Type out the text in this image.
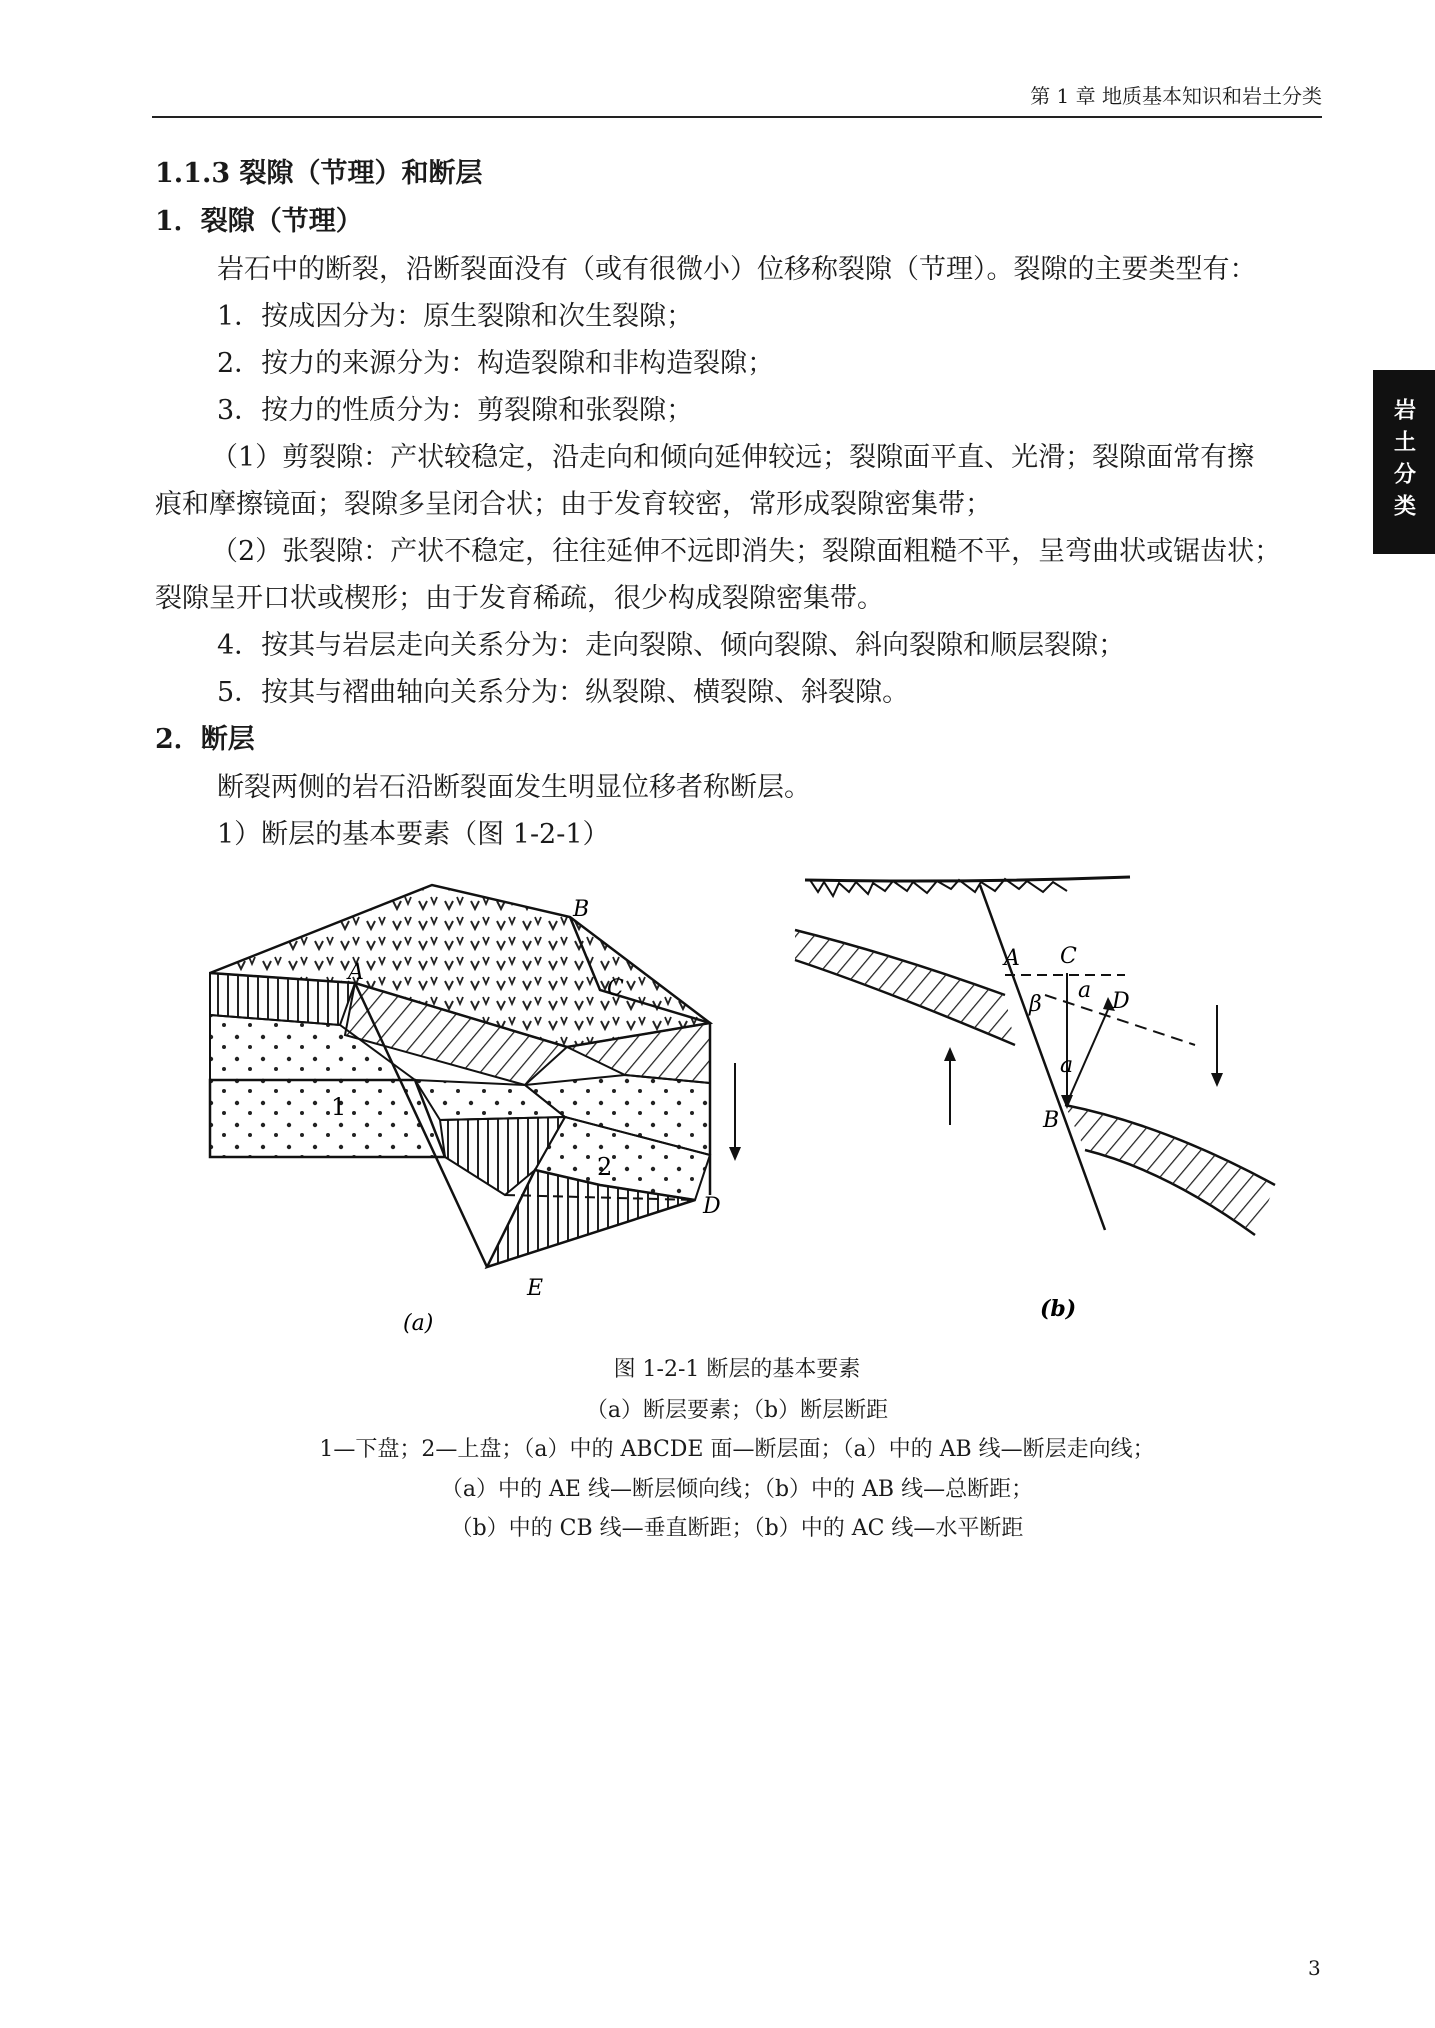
第 1 章 地质基本知识和岩土分类
岩土分类
1.1.3 裂隙（节理）和断层
1．裂隙（节理）
岩石中的断裂，沿断裂面没有（或有很微小）位移称裂隙（节理）。裂隙的主要类型有：
1．按成因分为：原生裂隙和次生裂隙；
2．按力的来源分为：构造裂隙和非构造裂隙；
3．按力的性质分为：剪裂隙和张裂隙；
（1）剪裂隙：产状较稳定，沿走向和倾向延伸较远；裂隙面平直、光滑；裂隙面常有擦
痕和摩擦镜面；裂隙多呈闭合状；由于发育较密，常形成裂隙密集带；
（2）张裂隙：产状不稳定，往往延伸不远即消失；裂隙面粗糙不平，呈弯曲状或锯齿状；
裂隙呈开口状或楔形；由于发育稀疏，很少构成裂隙密集带。
4．按其与岩层走向关系分为：走向裂隙、倾向裂隙、斜向裂隙和顺层裂隙；
5．按其与褶曲轴向关系分为：纵裂隙、横裂隙、斜裂隙。
2．断层
断裂两侧的岩石沿断裂面发生明显位移者称断层。
1）断层的基本要素（图 1-2-1）
B
A
C
D
E
1
2
(a)
A C
D
B
β
a
a
(b)
图 1-2-1 断层的基本要素
（a）断层要素；（b）断层断距
1—下盘；2—上盘；（a）中的 ABCDE 面—断层面；（a）中的 AB 线—断层走向线；
（a）中的 AE 线—断层倾向线；（b）中的 AB 线—总断距；
（b）中的 CB 线—垂直断距；（b）中的 AC 线—水平断距
3
